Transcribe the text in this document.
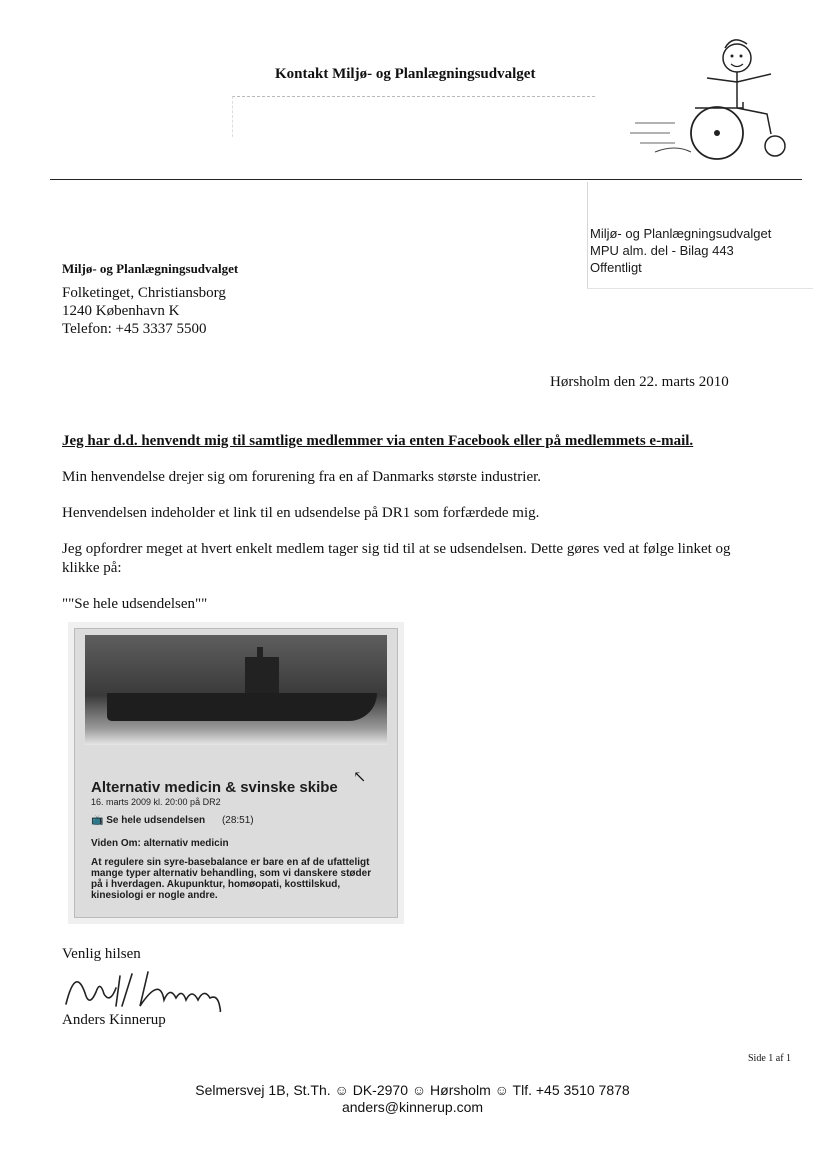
Kontakt Miljø- og Planlægningsudvalget
Miljø- og Planlægningsudvalget
MPU alm. del - Bilag 443
Offentligt
Miljø- og Planlægningsudvalget
Folketinget, Christiansborg
1240 København K
Telefon: +45 3337 5500
Hørsholm den 22. marts 2010

Jeg har d.d. henvendt mig til samtlige medlemmer via enten Facebook eller på medlemmets e-mail.

Min henvendelse drejer sig om forurening fra en af Danmarks største industrier.

Henvendelsen indeholder et link til en udsendelse på DR1 som forfærdede mig.

Jeg opfordrer meget at hvert enkelt medlem tager sig tid til at se udsendelsen. Dette gøres ved at følge linket og klikke på:

""Se hele udsendelsen""

↖
Alternativ medicin & svinske skibe
16. marts 2009 kl. 20:00 på DR2
📺 Se hele udsendelsen (28:51)
Viden Om: alternativ medicin
At regulere sin syre-basebalance er bare en af de ufatteligt mange typer alternativ behandling, som vi danskere støder på i hverdagen. Akupunktur, homøopati, kosttilskud, kinesiologi er nogle andre.
Venlig hilsen
Anders Kinnerup
Side 1 af 1
Selmersvej 1B, St.Th. ☺ DK-2970 ☺ Hørsholm ☺ Tlf. +45 3510 7878
anders@kinnerup.com
